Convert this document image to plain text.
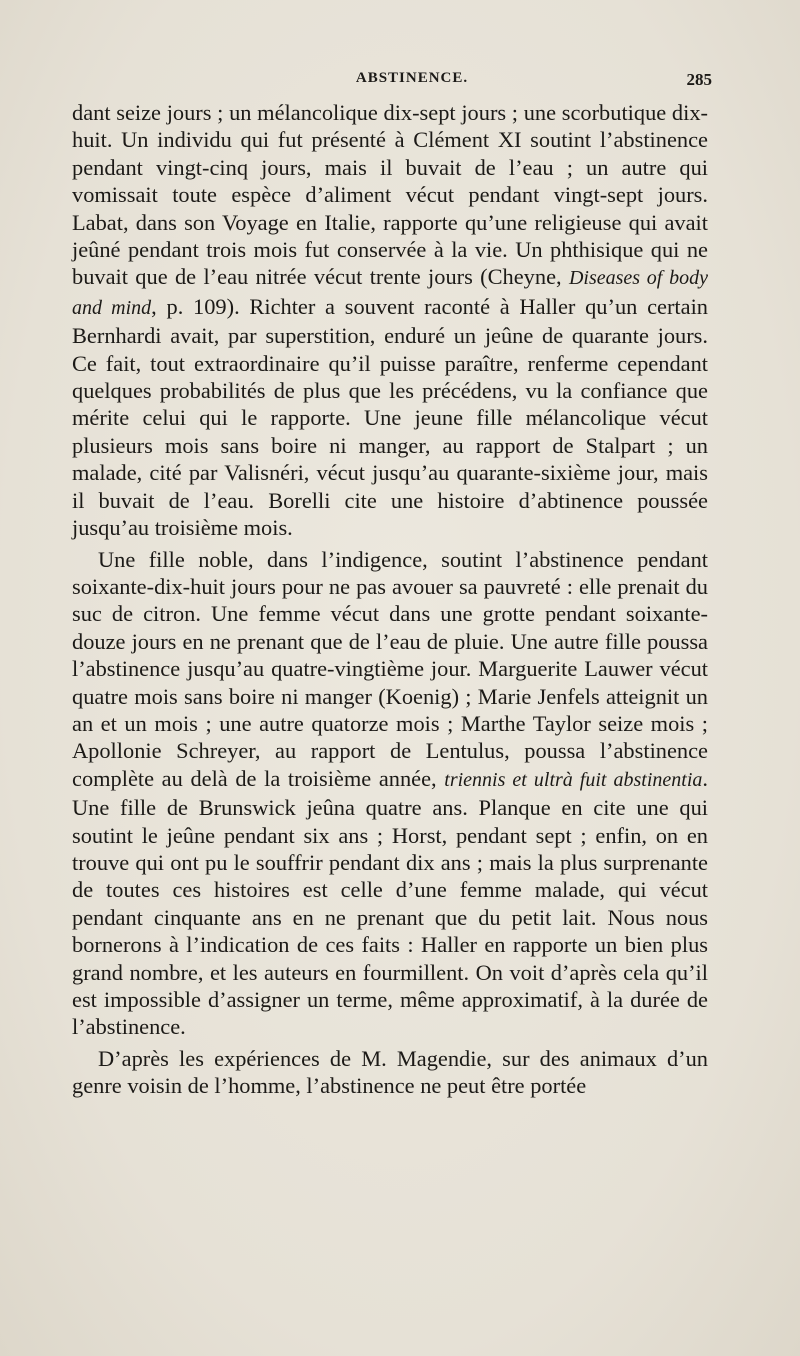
ABSTINENCE.	285

dant seize jours ; un mélancolique dix-sept jours ; une scorbutique dix-huit. Un individu qui fut présenté à Clément XI soutint l’abstinence pendant vingt-cinq jours, mais il buvait de l’eau ; un autre qui vomissait toute espèce d’aliment vécut pendant vingt-sept jours. Labat, dans son Voyage en Italie, rapporte qu’une religieuse qui avait jeûné pendant trois mois fut conservée à la vie. Un phthisique qui ne buvait que de l’eau nitrée vécut trente jours (Cheyne, Diseases of body and mind, p. 109). Richter a souvent raconté à Haller qu’un certain Bernhardi avait, par superstition, enduré un jeûne de quarante jours. Ce fait, tout extraordinaire qu’il puisse paraître, renferme cependant quelques probabilités de plus que les précédens, vu la confiance que mérite celui qui le rapporte. Une jeune fille mélancolique vécut plusieurs mois sans boire ni manger, au rapport de Stalpart ; un malade, cité par Valisnéri, vécut jusqu’au quarante-sixième jour, mais il buvait de l’eau. Borelli cite une histoire d’abtinence poussée jusqu’au troisième mois.

Une fille noble, dans l’indigence, soutint l’abstinence pendant soixante-dix-huit jours pour ne pas avouer sa pauvreté : elle prenait du suc de citron. Une femme vécut dans une grotte pendant soixante-douze jours en ne prenant que de l’eau de pluie. Une autre fille poussa l’abstinence jusqu’au quatre-vingtième jour. Marguerite Lauwer vécut quatre mois sans boire ni manger (Koenig) ; Marie Jenfels atteignit un an et un mois ; une autre quatorze mois ; Marthe Taylor seize mois ; Apollonie Schreyer, au rapport de Lentulus, poussa l’abstinence complète au delà de la troisième année, triennis et ultrà fuit abstinentia. Une fille de Brunswick jeûna quatre ans. Planque en cite une qui soutint le jeûne pendant six ans ; Horst, pendant sept ; enfin, on en trouve qui ont pu le souffrir pendant dix ans ; mais la plus surprenante de toutes ces histoires est celle d’une femme malade, qui vécut pendant cinquante ans en ne prenant que du petit lait. Nous nous bornerons à l’indication de ces faits : Haller en rapporte un bien plus grand nombre, et les auteurs en fourmillent. On voit d’après cela qu’il est impossible d’assigner un terme, même approximatif, à la durée de l’abstinence.

D’après les expériences de M. Magendie, sur des animaux d’un genre voisin de l’homme, l’abstinence ne peut être portée
